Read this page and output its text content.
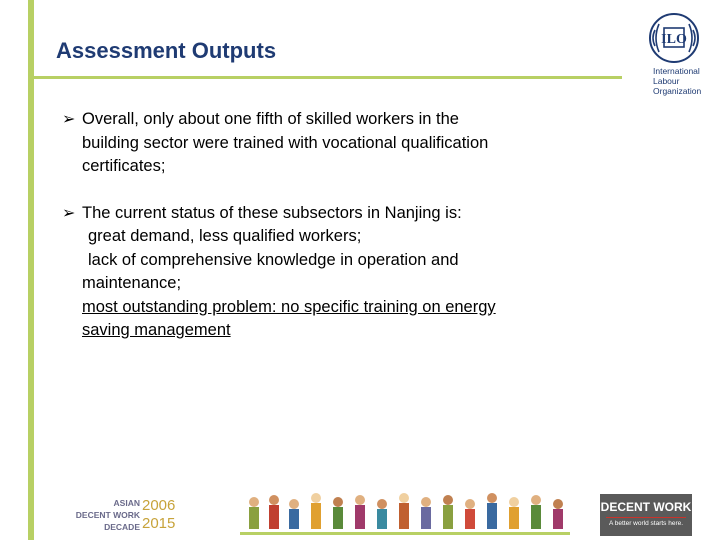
Assessment Outputs	ILO
International
Labour
Organization
➢ Overall, only about one fifth of skilled workers in the
building sector were trained with vocational qualification
certificates;
➢ The current status of these subsectors in Nanjing is:
great demand, less qualified workers;
lack of comprehensive knowledge in operation and
maintenance;
most outstanding problem: no specific training on energy
saving management
ASIAN
DECENT WORK
DECADE
2006
2015
DECENT WORK
A better world starts here.
